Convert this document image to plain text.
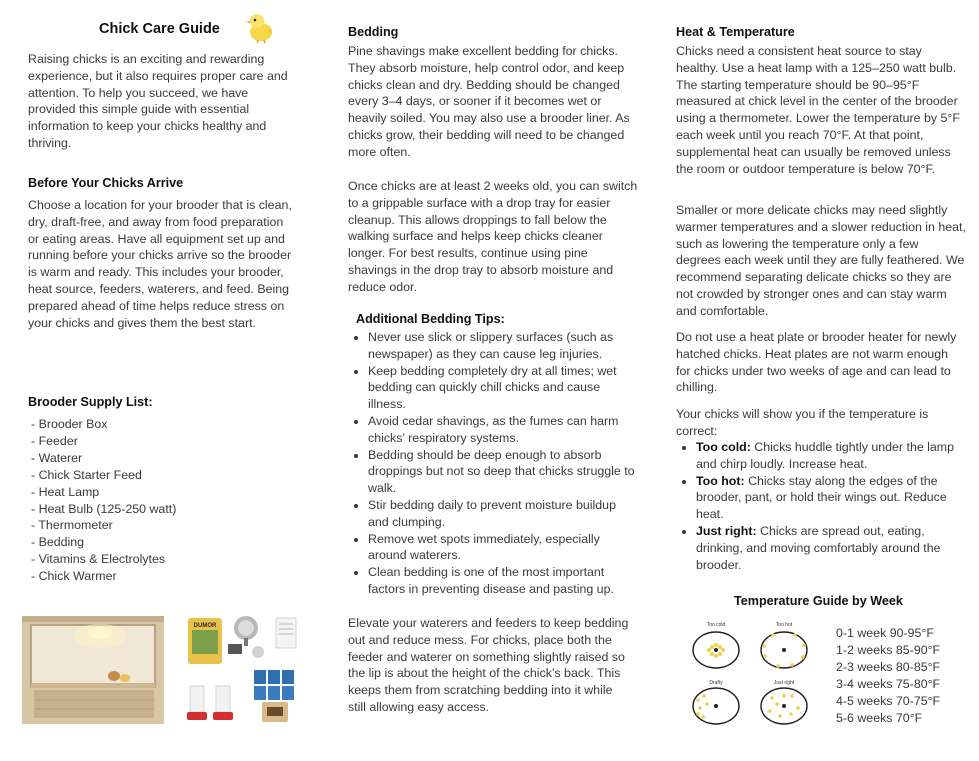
Chick Care Guide

Raising chicks is an exciting and rewarding experience, but it also requires proper care and attention. To help you succeed, we have provided this simple guide with essential information to keep your chicks healthy and thriving.

Before Your Chicks Arrive

Choose a location for your brooder that is clean, dry, draft-free, and away from food preparation or eating areas. Have all equipment set up and running before your chicks arrive so the brooder is warm and ready. This includes your brooder, heat source, feeders, waterers, and feed. Being prepared ahead of time helps reduce stress on your chicks and gives them the best start.

Brooder Supply List:

- Brooder Box
- Feeder
- Waterer
- Chick Starter Feed
- Heat Lamp
- Heat Bulb (125-250 watt)
- Thermometer
- Bedding
- Vitamins & Electrolytes
- Chick Warmer
DUMOR

Bedding

Pine shavings make excellent bedding for chicks. They absorb moisture, help control odor, and keep chicks clean and dry. Bedding should be changed every 3–4 days, or sooner if it becomes wet or heavily soiled. You may also use a brooder liner. As chicks grow, their bedding will need to be changed more often.

Once chicks are at least 2 weeks old, you can switch to a grippable surface with a drop tray for easier cleanup. This allows droppings to fall below the walking surface and helps keep chicks cleaner longer. For best results, continue using pine shavings in the drop tray to absorb moisture and reduce odor.

Additional Bedding Tips:

• Never use slick or slippery surfaces (such as newspaper) as they can cause leg injuries.
• Keep bedding completely dry at all times; wet bedding can quickly chill chicks and cause illness.
• Avoid cedar shavings, as the fumes can harm chicks’ respiratory systems.
• Bedding should be deep enough to absorb droppings but not so deep that chicks struggle to walk.
• Stir bedding daily to prevent moisture buildup and clumping.
• Remove wet spots immediately, especially around waterers.
• Clean bedding is one of the most important factors in preventing disease and pasting up.

Elevate your waterers and feeders to keep bedding out and reduce mess. For chicks, place both the feeder and waterer on something slightly raised so the lip is about the height of the chick’s back. This keeps them from scratching bedding into it while still allowing easy access.

Heat & Temperature

Chicks need a consistent heat source to stay healthy. Use a heat lamp with a 125–250 watt bulb. The starting temperature should be 90–95°F measured at chick level in the center of the brooder using a thermometer. Lower the temperature by 5°F each week until you reach 70°F. At that point, supplemental heat can usually be removed unless the room or outdoor temperature is below 70°F.

Smaller or more delicate chicks may need slightly warmer temperatures and a slower reduction in heat, such as lowering the temperature only a few degrees each week until they are fully feathered. We recommend separating delicate chicks so they are not crowded by stronger ones and can stay warm and comfortable.

Do not use a heat plate or brooder heater for newly hatched chicks. Heat plates are not warm enough for chicks under two weeks of age and can lead to chilling.

Your chicks will show you if the temperature is correct:

• Too cold: Chicks huddle tightly under the lamp and chirp loudly. Increase heat.
• Too hot: Chicks stay along the edges of the brooder, pant, or hold their wings out. Reduce heat.
• Just right: Chicks are spread out, eating, drinking, and moving comfortably around the brooder.

Temperature Guide by Week

Too cold	Too hot
Drafty	Just right
0-1 week 90-95°F
1-2 weeks 85-90°F
2-3 weeks 80-85°F
3-4 weeks 75-80°F
4-5 weeks 70-75°F
5-6 weeks 70°F
